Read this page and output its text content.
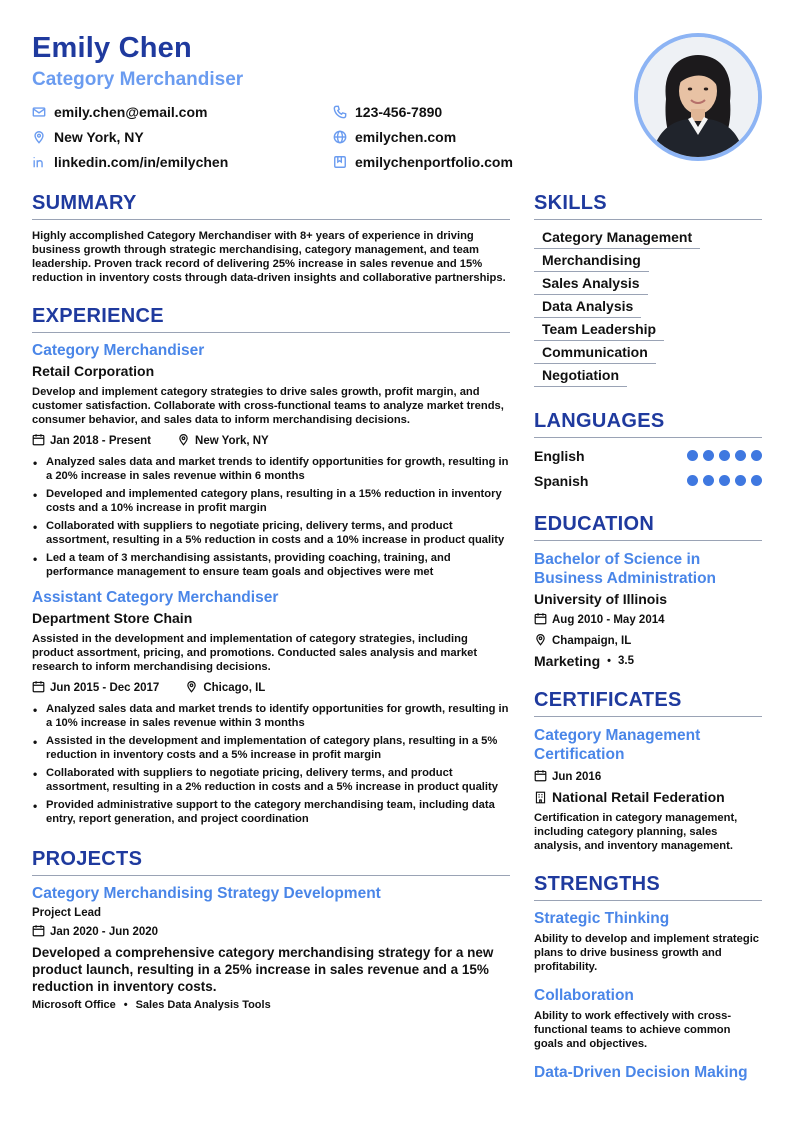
Emily Chen
Category Merchandiser
emily.chen@email.com
New York, NY
linkedin.com/in/emilychen
123-456-7890
emilychen.com
emilychenportfolio.com
SUMMARY
Highly accomplished Category Merchandiser with 8+ years of experience in driving business growth through strategic merchandising, category management, and team leadership. Proven track record of delivering 25% increase in sales revenue and 15% reduction in inventory costs through data-driven insights and collaborative partnerships.
EXPERIENCE
Category Merchandiser
Retail Corporation
Develop and implement category strategies to drive sales growth, profit margin, and customer satisfaction. Collaborate with cross-functional teams to analyze market trends, consumer behavior, and sales data to inform merchandising decisions.
Jan 2018 - Present	New York, NY
• Analyzed sales data and market trends to identify opportunities for growth, resulting in a 20% increase in sales revenue within 6 months
• Developed and implemented category plans, resulting in a 15% reduction in inventory costs and a 10% increase in profit margin
• Collaborated with suppliers to negotiate pricing, delivery terms, and product assortment, resulting in a 5% reduction in costs and a 10% increase in product quality
• Led a team of 3 merchandising assistants, providing coaching, training, and performance management to ensure team goals and objectives were met
Assistant Category Merchandiser
Department Store Chain
Assisted in the development and implementation of category strategies, including product assortment, pricing, and promotions. Conducted sales analysis and market research to inform merchandising decisions.
Jun 2015 - Dec 2017	Chicago, IL
• Analyzed sales data and market trends to identify opportunities for growth, resulting in a 10% increase in sales revenue within 3 months
• Assisted in the development and implementation of category plans, resulting in a 5% reduction in inventory costs and a 5% increase in profit margin
• Collaborated with suppliers to negotiate pricing, delivery terms, and product assortment, resulting in a 2% reduction in costs and a 5% increase in product quality
• Provided administrative support to the category merchandising team, including data entry, report generation, and project coordination
PROJECTS
Category Merchandising Strategy Development
Project Lead
Jan 2020 - Jun 2020
Developed a comprehensive category merchandising strategy for a new product launch, resulting in a 25% increase in sales revenue and a 15% reduction in inventory costs.
Microsoft Office • Sales Data Analysis Tools
SKILLS
Category Management
Merchandising
Sales Analysis
Data Analysis
Team Leadership
Communication
Negotiation
LANGUAGES
English
Spanish
EDUCATION
Bachelor of Science in Business Administration
University of Illinois
Aug 2010 - May 2014
Champaign, IL
Marketing • 3.5
CERTIFICATES
Category Management Certification
Jun 2016
National Retail Federation
Certification in category management, including category planning, sales analysis, and inventory management.
STRENGTHS
Strategic Thinking
Ability to develop and implement strategic plans to drive business growth and profitability.
Collaboration
Ability to work effectively with cross-functional teams to achieve common goals and objectives.
Data-Driven Decision Making
